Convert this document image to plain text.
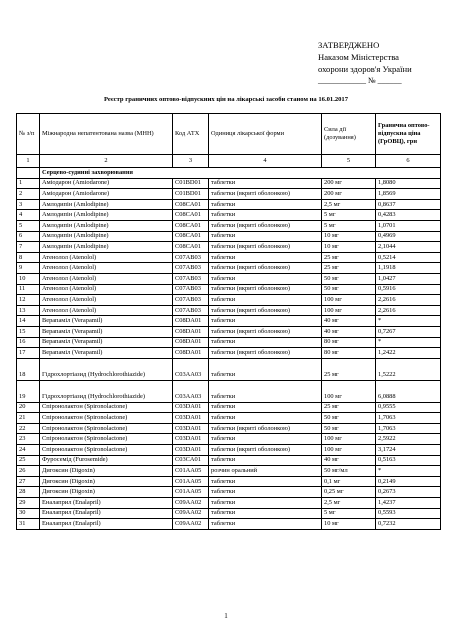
ЗАТВЕРДЖЕНО
Наказом Міністерства
охорони здоров'я України
____________ № ______
Реєстр граничних оптово-відпускних цін на лікарські засоби станом на 16.01.2017
№ з/п	Міжнародна непатентована назва (МНН)	Код АТХ	Одиниця лікарської форми	Сила дії (дозування)	Гранична оптово-відпускна ціна (ГрОВЦ), грн
1	2	3	4	5	6
	Серцево-судинні захворювання				
1	Аміодарон (Amiodarone)	C01BD01	таблетки	200 мг	1,8080
2	Аміодарон (Amiodarone)	C01BD01	таблетки (вкриті оболонкою)	200 мг	1,8569
3	Амлодипін (Amlodipine)	C08CA01	таблетки	2,5 мг	0,8637
4	Амлодипін (Amlodipine)	C08CA01	таблетки	5 мг	0,4283
5	Амлодипін (Amlodipine)	C08CA01	таблетки (вкриті оболонкою)	5 мг	1,0701
6	Амлодипін (Amlodipine)	C08CA01	таблетки	10 мг	0,4969
7	Амлодипін (Amlodipine)	C08CA01	таблетки (вкриті оболонкою)	10 мг	2,1044
8	Атенолол (Atenolol)	C07AB03	таблетки	25 мг	0,5214
9	Атенолол (Atenolol)	C07AB03	таблетки (вкриті оболонкою)	25 мг	1,1918
10	Атенолол (Atenolol)	C07AB03	таблетки	50 мг	1,0427
11	Атенолол (Atenolol)	C07AB03	таблетки (вкриті оболонкою)	50 мг	0,5916
12	Атенолол (Atenolol)	C07AB03	таблетки	100 мг	2,2616
13	Атенолол (Atenolol)	C07AB03	таблетки (вкриті оболонкою)	100 мг	2,2616
14	Верапаміл (Verapamil)	C08DA01	таблетки	40 мг	*
15	Верапаміл (Verapamil)	C08DA01	таблетки (вкриті оболонкою)	40 мг	0,7267
16	Верапаміл (Verapamil)	C08DA01	таблетки	80 мг	*
17	Верапаміл (Verapamil)	C08DA01	таблетки (вкриті оболонкою)	80 мг	1,2422
18	Гідрохлортіазид (Hydrochlorothiazide)	C03AA03	таблетки	25 мг	1,5222
19	Гідрохлортіазид (Hydrochlorothiazide)	C03AA03	таблетки	100 мг	6,0888
20	Спіронолактон (Spironolactone)	C03DA01	таблетки	25 мг	0,9555
21	Спіронолактон (Spironolactone)	C03DA01	таблетки	50 мг	1,7063
22	Спіронолактон (Spironolactone)	C03DA01	таблетки (вкриті оболонкою)	50 мг	1,7063
23	Спіронолактон (Spironolactone)	C03DA01	таблетки	100 мг	2,5922
24	Спіронолактон (Spironolactone)	C03DA01	таблетки (вкриті оболонкою)	100 мг	3,1724
25	Фуросемід (Furosemide)	C03CA01	таблетки	40 мг	0,5163
26	Дигоксин (Digoxin)	C01AA05	розчин оральний	50 мг/мл	*
27	Дигоксин (Digoxin)	C01AA05	таблетки	0,1 мг	0,2149
28	Дигоксин (Digoxin)	C01AA05	таблетки	0,25 мг	0,2673
29	Еналаприл (Enalapril)	C09AA02	таблетки	2,5 мг	1,4237
30	Еналаприл (Enalapril)	C09AA02	таблетки	5 мг	0,5593
31	Еналаприл (Enalapril)	C09AA02	таблетки	10 мг	0,7232
1
